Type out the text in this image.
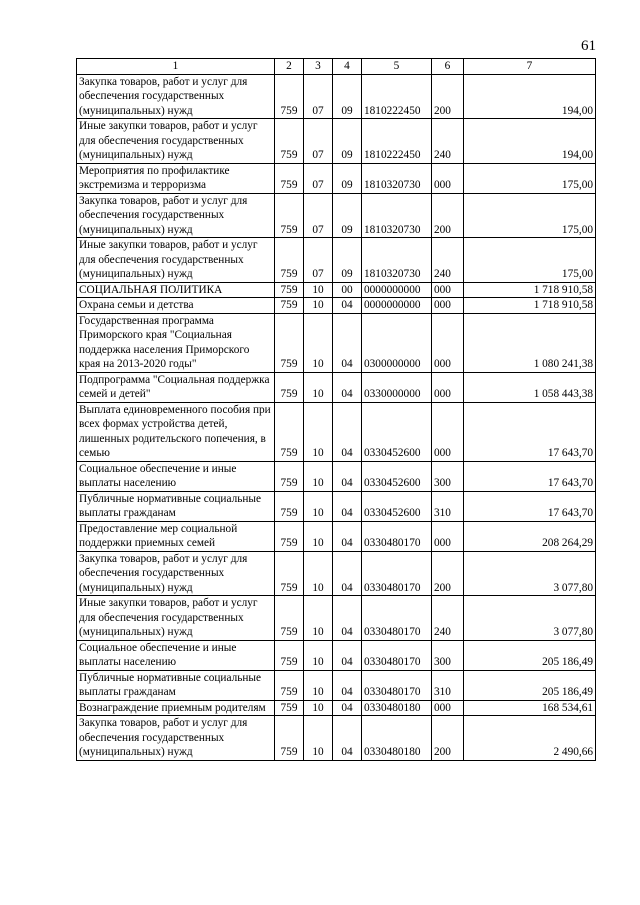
61
1	2	3	4	5	6	7
Закупка товаров, работ и услуг для обеспечения государственных (муниципальных) нужд	759	07	09	1810222450	200	194,00
Иные закупки товаров, работ и услуг для обеспечения государственных (муниципальных) нужд	759	07	09	1810222450	240	194,00
Мероприятия по профилактике экстремизма и терроризма	759	07	09	1810320730	000	175,00
Закупка товаров, работ и услуг для обеспечения государственных (муниципальных) нужд	759	07	09	1810320730	200	175,00
Иные закупки товаров, работ и услуг для обеспечения государственных (муниципальных) нужд	759	07	09	1810320730	240	175,00
СОЦИАЛЬНАЯ ПОЛИТИКА	759	10	00	0000000000	000	1 718 910,58
Охрана семьи и детства	759	10	04	0000000000	000	1 718 910,58
Государственная программа Приморского края "Социальная поддержка населения Приморского края на 2013-2020 годы"	759	10	04	0300000000	000	1 080 241,38
Подпрограмма "Социальная поддержка семей и детей"	759	10	04	0330000000	000	1 058 443,38
Выплата единовременного пособия при всех формах устройства детей, лишенных родительского попечения, в семью	759	10	04	0330452600	000	17 643,70
Социальное обеспечение и иные выплаты населению	759	10	04	0330452600	300	17 643,70
Публичные нормативные социальные выплаты гражданам	759	10	04	0330452600	310	17 643,70
Предоставление мер социальной поддержки приемных семей	759	10	04	0330480170	000	208 264,29
Закупка товаров, работ и услуг для обеспечения государственных (муниципальных) нужд	759	10	04	0330480170	200	3 077,80
Иные закупки товаров, работ и услуг для обеспечения государственных (муниципальных) нужд	759	10	04	0330480170	240	3 077,80
Социальное обеспечение и иные выплаты населению	759	10	04	0330480170	300	205 186,49
Публичные нормативные социальные выплаты гражданам	759	10	04	0330480170	310	205 186,49
Вознаграждение приемным родителям	759	10	04	0330480180	000	168 534,61
Закупка товаров, работ и услуг для обеспечения государственных (муниципальных) нужд	759	10	04	0330480180	200	2 490,66
